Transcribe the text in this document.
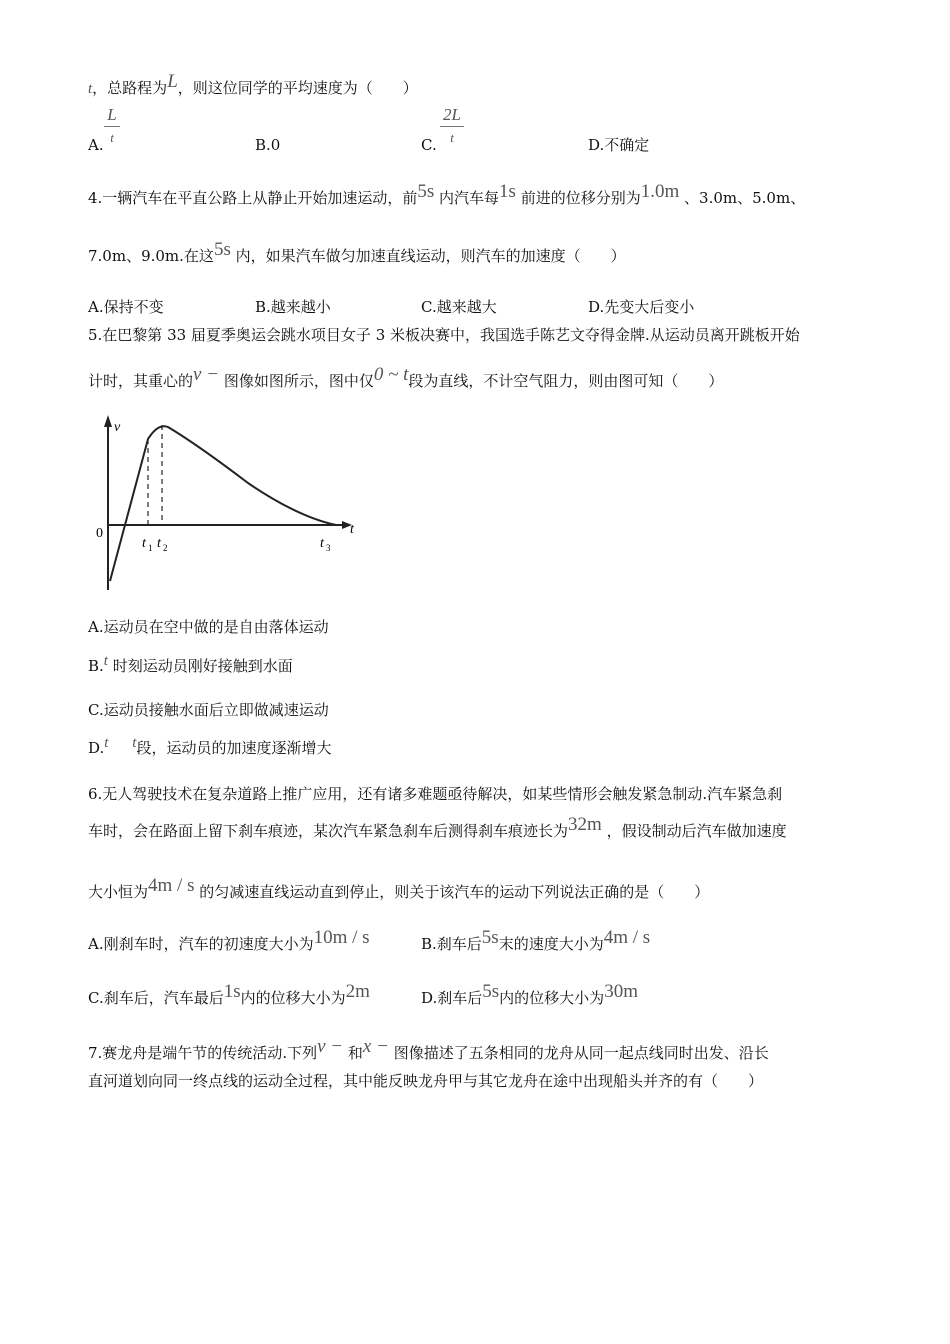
t，总路程为L，则这位同学的平均速度为（　　）
L
t
A.	B.0
2L
t
C.	D.不确定
4.一辆汽车在平直公路上从静止开始加速运动，前5s 内汽车每1s 前进的位移分别为1.0m 、3.0m、5.0m、
7.0m、9.0m.在这5s 内，如果汽车做匀加速直线运动，则汽车的加速度（　　）
A.保持不变	B.越来越小	C.越来越大	D.先变大后变小
5.在巴黎第 33 届夏季奥运会跳水项目女子 3 米板决赛中，我国选手陈艺文夺得金牌.从运动员离开跳板开始
计时，其重心的v − 图像如图所示，图中仅0 ~ t段为直线，不计空气阻力，则由图可知（　　）
v
0	t
t 1 t 2	t 3
A.运动员在空中做的是自由落体运动
B.t 时刻运动员刚好接触到水面
C.运动员接触水面后立即做减速运动
D.t t段，运动员的加速度逐渐增大
6.无人驾驶技术在复杂道路上推广应用，还有诸多难题亟待解决，如某些情形会触发紧急制动.汽车紧急刹
车时，会在路面上留下刹车痕迹，某次汽车紧急刹车后测得刹车痕迹长为32m ，假设制动后汽车做加速度
大小恒为4m / s 的匀减速直线运动直到停止，则关于该汽车的运动下列说法正确的是（　　）
A.刚刹车时，汽车的初速度大小为10m / s	B.刹车后5s末的速度大小为4m / s
C.刹车后，汽车最后1s内的位移大小为2m	D.刹车后5s内的位移大小为30m
7.赛龙舟是端午节的传统活动.下列v − 和x − 图像描述了五条相同的龙舟从同一起点线同时出发、沿长
直河道划向同一终点线的运动全过程，其中能反映龙舟甲与其它龙舟在途中出现船头并齐的有（　　）
